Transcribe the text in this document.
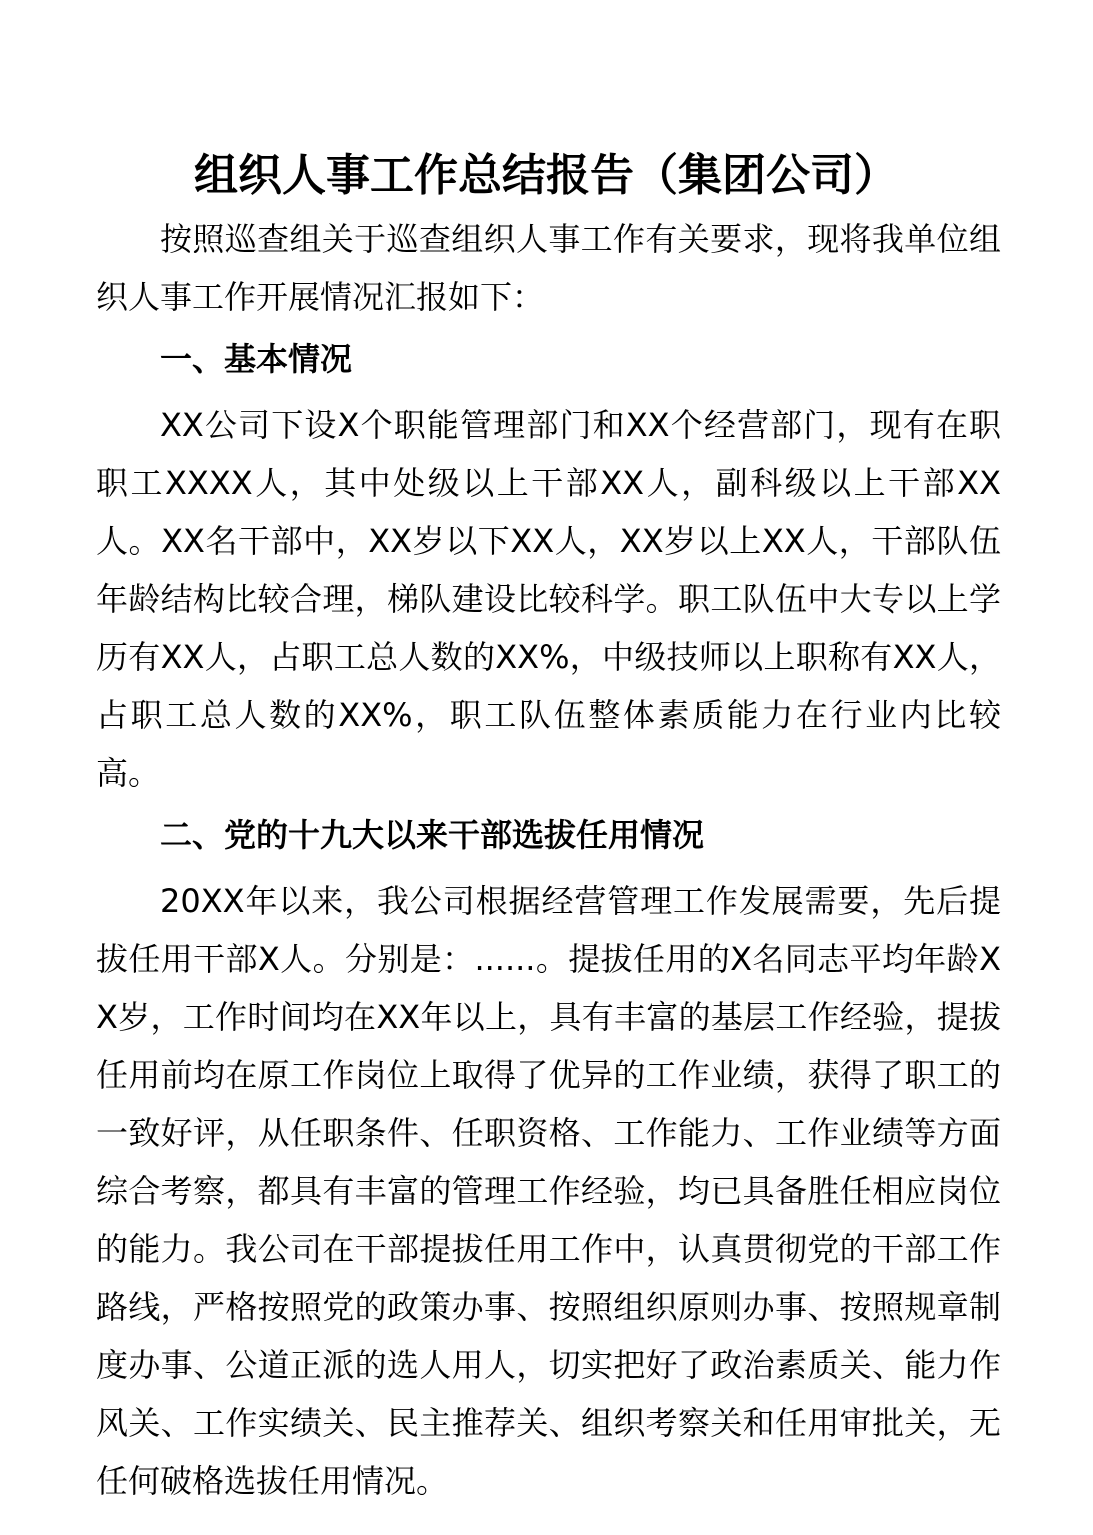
组织人事工作总结报告（集团公司）

按照巡查组关于巡查组织人事工作有关要求，现将我单位组织人事工作开展情况汇报如下：

一、基本情况

XX公司下设X个职能管理部门和XX个经营部门，现有在职职工XXXX人，其中处级以上干部XX人，副科级以上干部XX人。XX名干部中，XX岁以下XX人，XX岁以上XX人，干部队伍年龄结构比较合理，梯队建设比较科学。职工队伍中大专以上学历有XX人，占职工总人数的XX%，中级技师以上职称有XX人，占职工总人数的XX%，职工队伍整体素质能力在行业内比较高。

二、党的十九大以来干部选拔任用情况

20XX年以来，我公司根据经营管理工作发展需要，先后提拔任用干部X人。分别是：......。提拔任用的X名同志平均年龄XX岁，工作时间均在XX年以上，具有丰富的基层工作经验，提拔任用前均在原工作岗位上取得了优异的工作业绩，获得了职工的一致好评，从任职条件、任职资格、工作能力、工作业绩等方面综合考察，都具有丰富的管理工作经验，均已具备胜任相应岗位的能力。我公司在干部提拔任用工作中，认真贯彻党的干部工作路线，严格按照党的政策办事、按照组织原则办事、按照规章制度办事、公道正派的选人用人，切实把好了政治素质关、能力作风关、工作实绩关、民主推荐关、组织考察关和任用审批关，无任何破格选拔任用情况。
